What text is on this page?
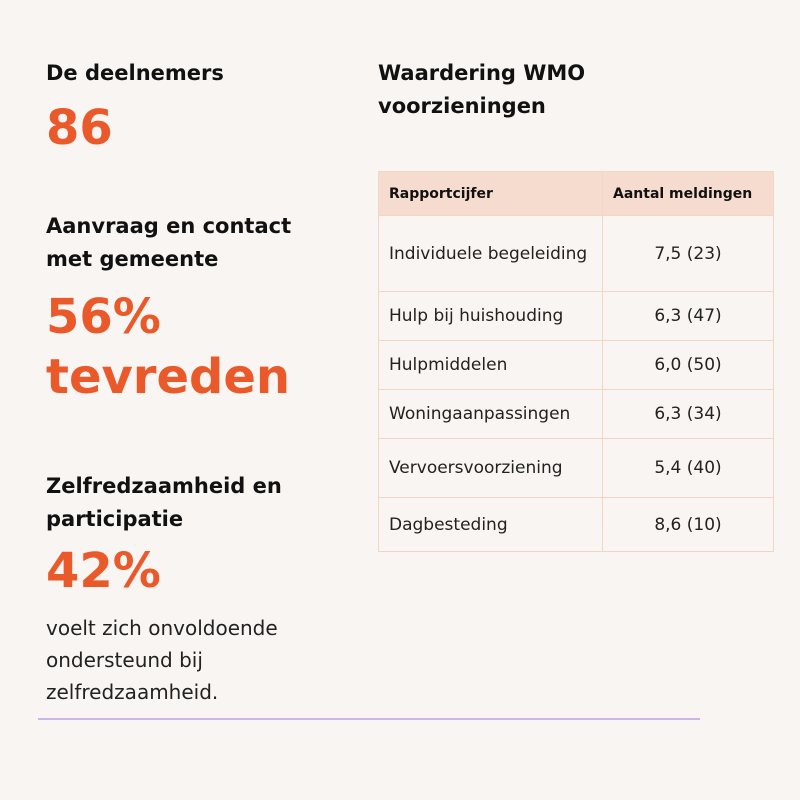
De deelnemers
86
Aanvraag en contact met gemeente
56% tevreden
Zelfredzaamheid en participatie
42%

voelt zich onvoldoende ondersteund bij zelfredzaamheid.

Waardering WMO voorzieningen
Rapportcijfer	Aantal meldingen
Individuele begeleiding	7,5 (23)
Hulp bij huishouding	6,3 (47)
Hulpmiddelen	6,0 (50)
Woningaanpassingen	6,3 (34)
Vervoersvoorziening	5,4 (40)
Dagbesteding	8,6 (10)
